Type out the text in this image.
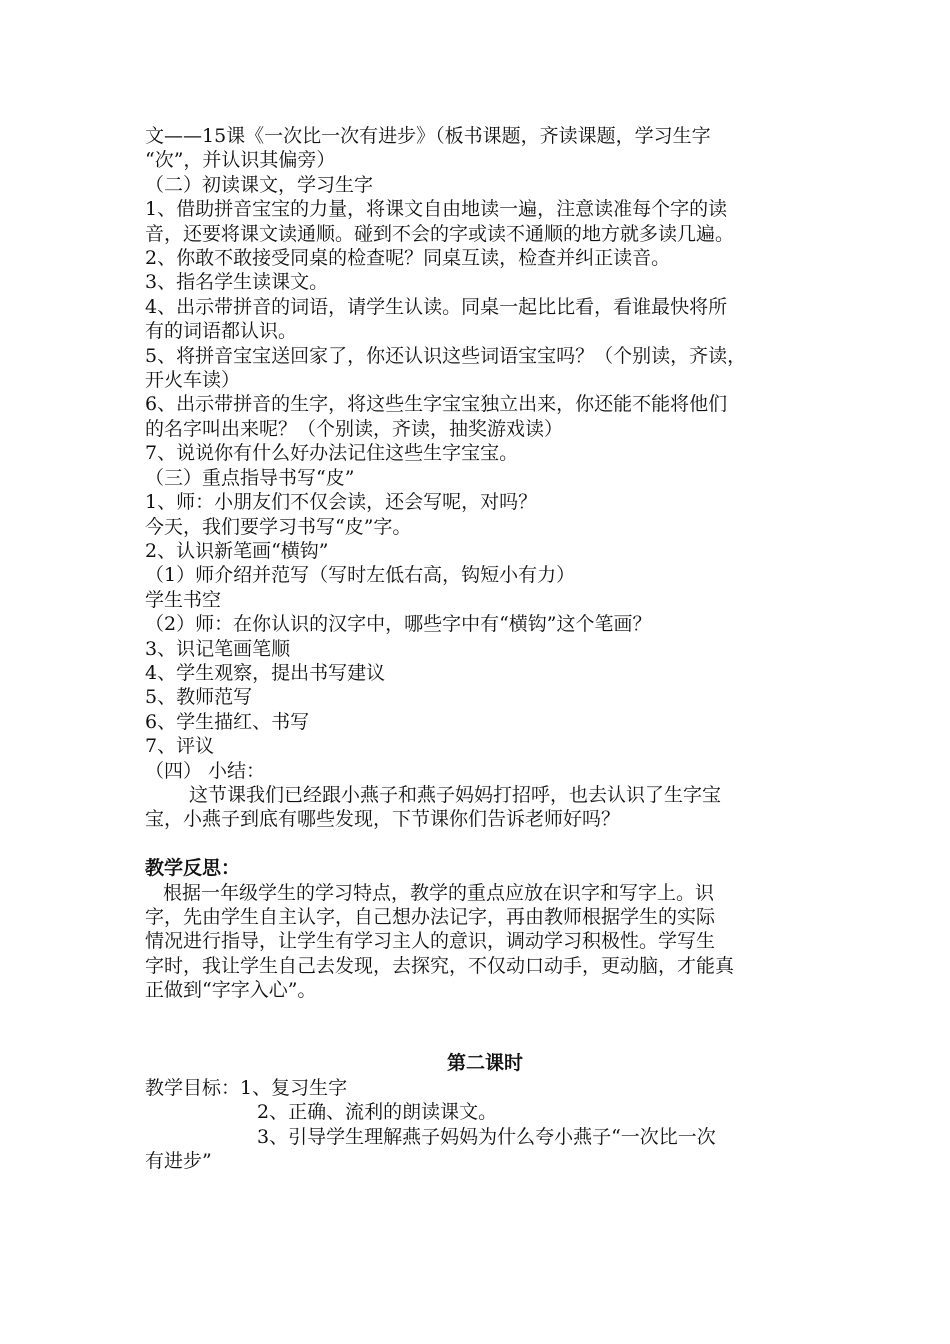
文——15课《一次比一次有进步》（板书课题，齐读课题，学习生字

“次”，并认识其偏旁）

（二）初读课文，学习生字

1、借助拼音宝宝的力量，将课文自由地读一遍，注意读准每个字的读

音，还要将课文读通顺。碰到不会的字或读不通顺的地方就多读几遍。

2、你敢不敢接受同桌的检查呢？同桌互读，检查并纠正读音。

3、指名学生读课文。

4、出示带拼音的词语，请学生认读。同桌一起比比看，看谁最快将所

有的词语都认识。

5、将拼音宝宝送回家了，你还认识这些词语宝宝吗？（个别读，齐读，

开火车读）

6、出示带拼音的生字，将这些生字宝宝独立出来，你还能不能将他们

的名字叫出来呢？（个别读，齐读，抽奖游戏读）

7、说说你有什么好办法记住这些生字宝宝。

（三）重点指导书写“皮”

1、师：小朋友们不仅会读，还会写呢，对吗？

今天，我们要学习书写“皮”字。

2、认识新笔画“横钩”

（1）师介绍并范写（写时左低右高，钩短小有力）

学生书空

（2）师：在你认识的汉字中，哪些字中有“横钩”这个笔画？

3、识记笔画笔顺

4、学生观察，提出书写建议

5、教师范写

6、学生描红、书写

7、评议

（四） 小结：

这节课我们已经跟小燕子和燕子妈妈打招呼，也去认识了生字宝

宝，小燕子到底有哪些发现，下节课你们告诉老师好吗？

教学反思：

根据一年级学生的学习特点，教学的重点应放在识字和写字上。识

字，先由学生自主认字，自己想办法记字，再由教师根据学生的实际

情况进行指导，让学生有学习主人的意识，调动学习积极性。学写生

字时，我让学生自己去发现，去探究，不仅动口动手，更动脑，才能真

正做到“字字入心”。

第二课时

教学目标：1、复习生字

2、正确、流利的朗读课文。

3、引导学生理解燕子妈妈为什么夸小燕子“一次比一次

有进步”
